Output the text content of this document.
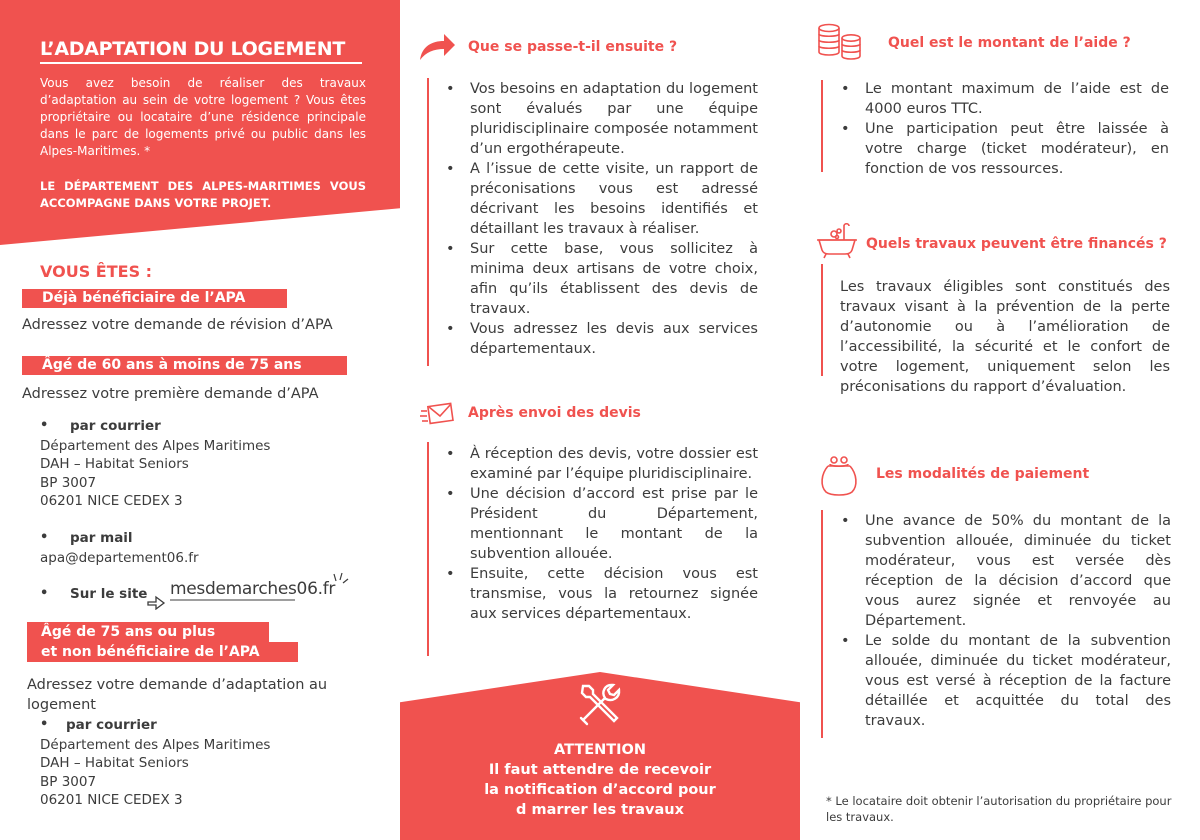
L’ADAPTATION DU LOGEMENT
Vous avez besoin de réaliser des travaux d’adaptation au sein de votre logement ? Vous êtes propriétaire ou locataire d’une résidence principale dans le parc de logements privé ou public dans les Alpes-Maritimes. *
LE DÉPARTEMENT DES ALPES-MARITIMES VOUS ACCOMPAGNE DANS VOTRE PROJET.
VOUS ÊTES :
Déjà bénéficiaire de l’APA
Adressez votre demande de révision d’APA
Âgé de 60 ans à moins de 75 ans
Adressez votre première demande d’APA
• par courrier
Département des Alpes Maritimes
DAH – Habitat Seniors
BP 3007
06201 NICE CEDEX 3
• par mail
apa@departement06.fr
• Sur le site mesdemarches06.fr
Âgé de 75 ans ou plus
et non bénéficiaire de l’APA
Adressez votre demande d’adaptation au logement
• par courrier
Département des Alpes Maritimes
DAH – Habitat Seniors
BP 3007
06201 NICE CEDEX 3
Que se passe-t-il ensuite ?
• Vos besoins en adaptation du logement sont évalués par une équipe pluridisciplinaire composée notamment d’un ergothérapeute.
• A l’issue de cette visite, un rapport de préconisations vous est adressé décrivant les besoins identifiés et détaillant les travaux à réaliser.
• Sur cette base, vous sollicitez à minima deux artisans de votre choix, afin qu’ils établissent des devis de travaux.
• Vous adressez les devis aux services départementaux.
Après envoi des devis
• À réception des devis, votre dossier est examiné par l’équipe pluridisciplinaire.
• Une décision d’accord est prise par le Président du Département, mentionnant le montant de la subvention allouée.
• Ensuite, cette décision vous est transmise, vous la retournez signée aux services départementaux.
ATTENTION
Il faut attendre de recevoir
la notification d’accord pour
d marrer les travaux
Quel est le montant de l’aide ?
• Le montant maximum de l’aide est de 4000 euros TTC.
• Une participation peut être laissée à votre charge (ticket modérateur), en fonction de vos ressources.
Quels travaux peuvent être financés ?
Les travaux éligibles sont constitués des travaux visant à la prévention de la perte d’autonomie ou à l’amélioration de l’accessibilité, la sécurité et le confort de votre logement, uniquement selon les préconisations du rapport d’évaluation.
Les modalités de paiement
• Une avance de 50% du montant de la subvention allouée, diminuée du ticket modérateur, vous est versée dès réception de la décision d’accord que vous aurez signée et renvoyée au Département.
• Le solde du montant de la subvention allouée, diminuée du ticket modérateur, vous est versé à réception de la facture détaillée et acquittée du total des travaux.
* Le locataire doit obtenir l’autorisation du propriétaire pour les travaux.
